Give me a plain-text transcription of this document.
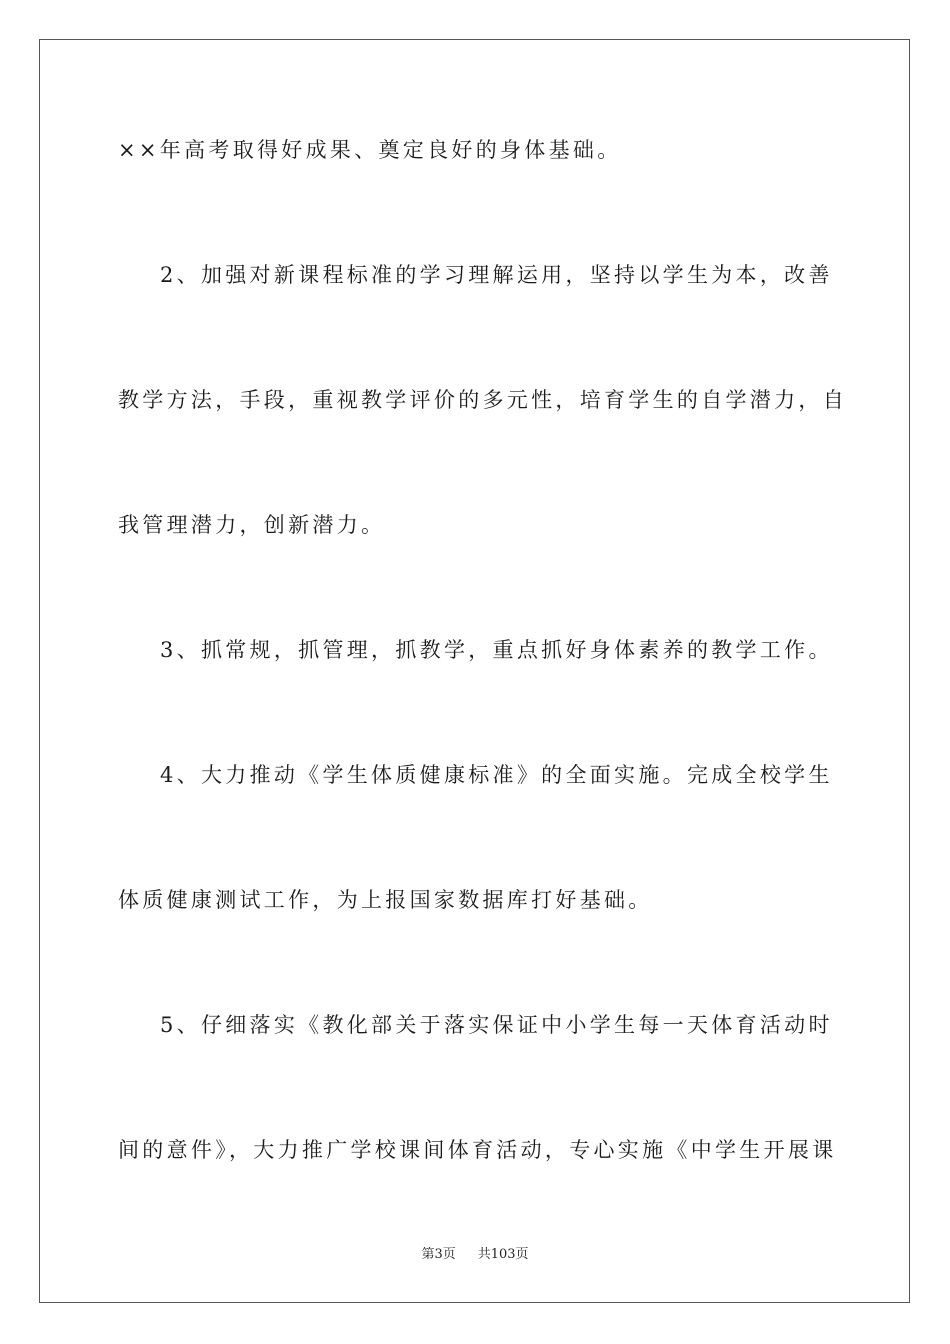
××年高考取得好成果、奠定良好的身体基础。
2、加强对新课程标准的学习理解运用，坚持以学生为本，改善
教学方法，手段，重视教学评价的多元性，培育学生的自学潜力，自
我管理潜力，创新潜力。
3、抓常规，抓管理，抓教学，重点抓好身体素养的教学工作。
4、大力推动《学生体质健康标准》的全面实施。完成全校学生
体质健康测试工作，为上报国家数据库打好基础。
5、仔细落实《教化部关于落实保证中小学生每一天体育活动时
间的意件》，大力推广学校课间体育活动，专心实施《中学生开展课
第3页 共103页
